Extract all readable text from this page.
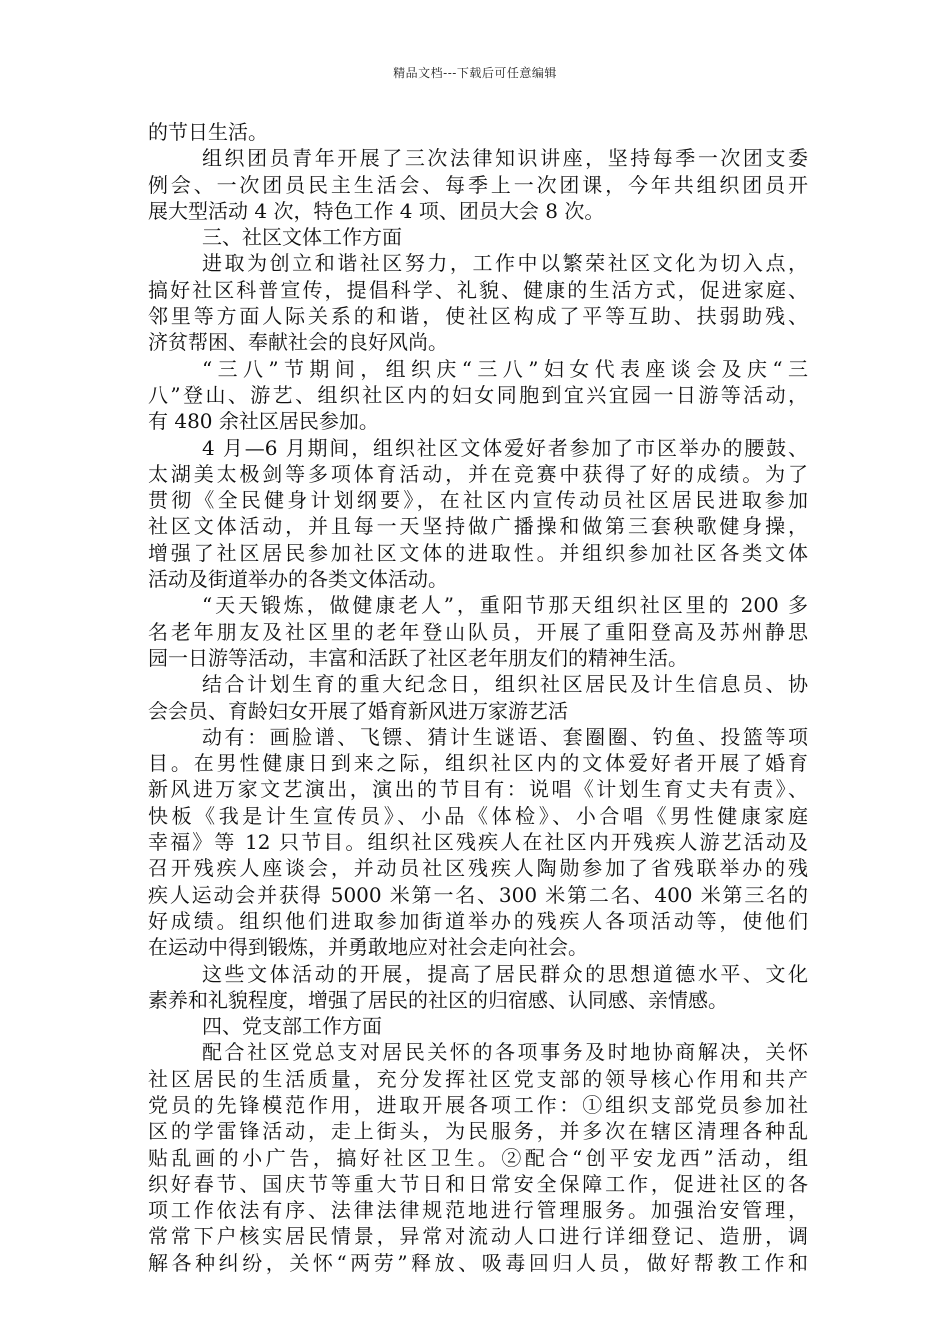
精品文档---下载后可任意编辑
的节日生活。
组织团员青年开展了三次法律知识讲座，坚持每季一次团支委
例会、一次团员民主生活会、每季上一次团课，今年共组织团员开
展大型活动 4 次，特色工作 4 项、团员大会 8 次。
三、社区文体工作方面
进取为创立和谐社区努力，工作中以繁荣社区文化为切入点，
搞好社区科普宣传，提倡科学、礼貌、健康的生活方式，促进家庭、
邻里等方面人际关系的和谐，使社区构成了平等互助、扶弱助残、
济贫帮困、奉献社会的良好风尚。
“三八”节期间，组织庆“三八”妇女代表座谈会及庆“三
八”登山、游艺、组织社区内的妇女同胞到宜兴宜园一日游等活动，
有 480 余社区居民参加。
4 月—6 月期间，组织社区文体爱好者参加了市区举办的腰鼓、
太湖美太极剑等多项体育活动，并在竞赛中获得了好的成绩。为了
贯彻《全民健身计划纲要》，在社区内宣传动员社区居民进取参加
社区文体活动，并且每一天坚持做广播操和做第三套秧歌健身操，
增强了社区居民参加社区文体的进取性。并组织参加社区各类文体
活动及街道举办的各类文体活动。
“天天锻炼，做健康老人”，重阳节那天组织社区里的 200 多
名老年朋友及社区里的老年登山队员，开展了重阳登高及苏州静思
园一日游等活动，丰富和活跃了社区老年朋友们的精神生活。
结合计划生育的重大纪念日，组织社区居民及计生信息员、协
会会员、育龄妇女开展了婚育新风进万家游艺活
动有：画脸谱、飞镖、猜计生谜语、套圈圈、钓鱼、投篮等项
目。在男性健康日到来之际，组织社区内的文体爱好者开展了婚育
新风进万家文艺演出，演出的节目有：说唱《计划生育丈夫有责》、
快板《我是计生宣传员》、小品《体检》、小合唱《男性健康家庭
幸福》等 12 只节目。组织社区残疾人在社区内开残疾人游艺活动及
召开残疾人座谈会，并动员社区残疾人陶勋参加了省残联举办的残
疾人运动会并获得 5000 米第一名、300 米第二名、400 米第三名的
好成绩。组织他们进取参加街道举办的残疾人各项活动等，使他们
在运动中得到锻炼，并勇敢地应对社会走向社会。
这些文体活动的开展，提高了居民群众的思想道德水平、文化
素养和礼貌程度，增强了居民的社区的归宿感、认同感、亲情感。
四、党支部工作方面
配合社区党总支对居民关怀的各项事务及时地协商解决，关怀
社区居民的生活质量，充分发挥社区党支部的领导核心作用和共产
党员的先锋模范作用，进取开展各项工作：①组织支部党员参加社
区的学雷锋活动，走上街头，为民服务，并多次在辖区清理各种乱
贴乱画的小广告，搞好社区卫生。②配合“创平安龙西”活动，组
织好春节、国庆节等重大节日和日常安全保障工作，促进社区的各
项工作依法有序、法律法律规范地进行管理服务。加强治安管理，
常常下户核实居民情景，异常对流动人口进行详细登记、造册，调
解各种纠纷，关怀“两劳”释放、吸毒回归人员，做好帮教工作和
